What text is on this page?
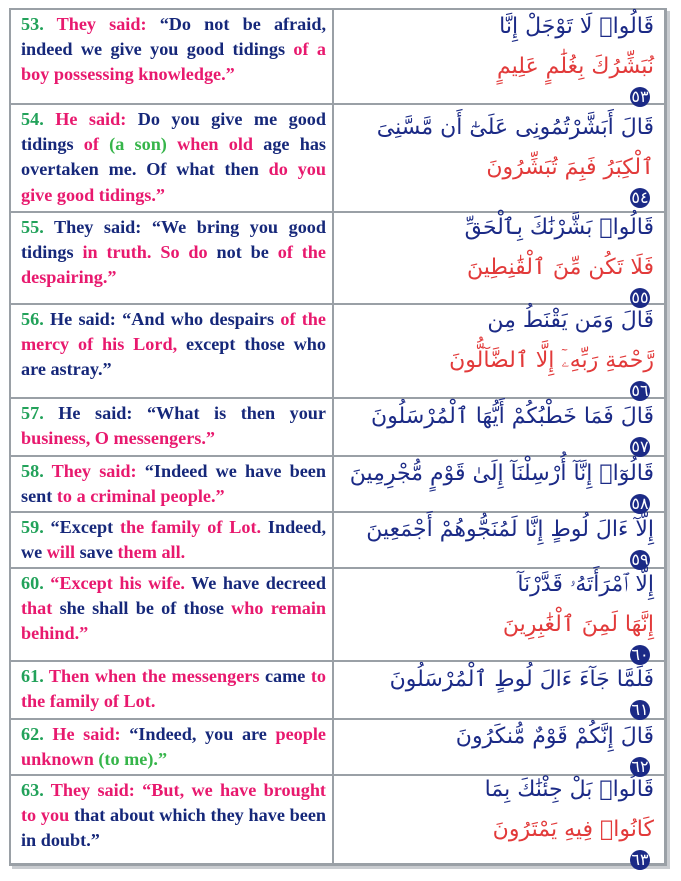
53. They said: “Do not be afraid, indeed we give you good tidings of a boy possessing knowledge.”
قَالُوا۟ لَا تَوْجَلْ إِنَّا
نُبَشِّرُكَ بِغُلَٰمٍ عَلِيمٍ
٥٣
54. He said: Do you give me good tidings of (a son) when old age has overtaken me. Of what then do you give good tidings.”
قَالَ أَبَشَّرْتُمُونِى عَلَىٰٓ أَن مَّسَّنِىَ
ٱلْكِبَرُ فَبِمَ تُبَشِّرُونَ
٥٤
55. They said: “We bring you good tidings in truth. So do not be of the despairing.”
قَالُوا۟ بَشَّرْنَٰكَ بِٱلْحَقِّ
فَلَا تَكُن مِّنَ ٱلْقَٰنِطِينَ
٥٥
56. He said: “And who despairs of the mercy of his Lord, except those who are astray.”
قَالَ وَمَن يَقْنَطُ مِن
رَّحْمَةِ رَبِّهِۦٓ إِلَّا ٱلضَّآلُّونَ
٥٦
57. He said: “What is then your business, O messengers.”
قَالَ فَمَا خَطْبُكُمْ أَيُّهَا ٱلْمُرْسَلُونَ
٥٧
58. They said: “Indeed we have been sent to a criminal people.”
قَالُوٓا۟ إِنَّآ أُرْسِلْنَآ إِلَىٰ قَوْمٍ مُّجْرِمِينَ
٥٨
59. “Except the family of Lot. Indeed, we will save them all.
إِلَّآ ءَالَ لُوطٍ إِنَّا لَمُنَجُّوهُمْ أَجْمَعِينَ
٥٩
60. “Except his wife. We have decreed that she shall be of those who remain behind.”
إِلَّا ٱمْرَأَتَهُۥ قَدَّرْنَآ
إِنَّهَا لَمِنَ ٱلْغَٰبِرِينَ
٦٠
61. Then when the messengers came to the family of Lot.
فَلَمَّا جَآءَ ءَالَ لُوطٍ ٱلْمُرْسَلُونَ
٦١
62. He said: “Indeed, you are people unknown (to me).”
قَالَ إِنَّكُمْ قَوْمٌ مُّنكَرُونَ
٦٢
63. They said: “But, we have brought to you that about which they have been in doubt.”
قَالُوا۟ بَلْ جِئْنَٰكَ بِمَا
كَانُوا۟ فِيهِ يَمْتَرُونَ
٦٣
